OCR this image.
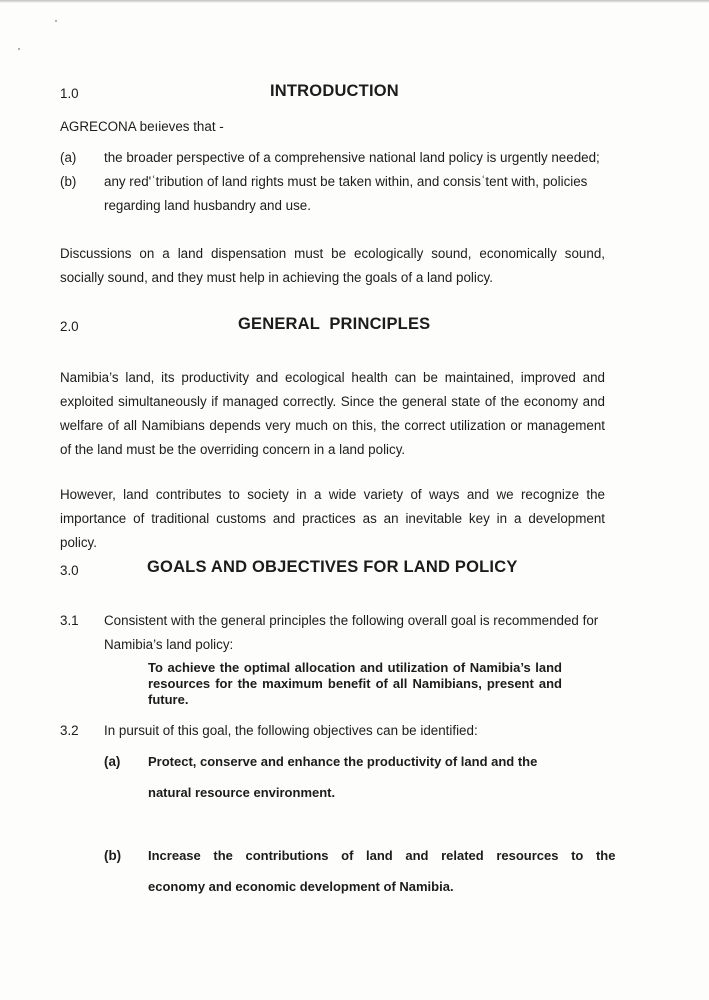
1.0	INTRODUCTION
AGRECONA beıieves that -
(a) the broader perspective of a comprehensive national land policy is urgently needed;
(b) any red'ʿtribution of land rights must be taken within, and consisʿtent with, policies
regarding land husbandry and use.
Discussions on a land dispensation must be ecologically sound, economically sound, socially sound, and they must help in achieving the goals of a land policy.
2.0	GENERAL  PRINCIPLES
Namibia’s land, its productivity and ecological health can be maintained, improved and exploited simultaneously if managed correctly. Since the general state of the economy and welfare of all Namibians depends very much on this, the correct utilization or management of the land must be the overriding concern in a land policy.
However, land contributes to society in a wide variety of ways and we recognize the importance of traditional customs and practices as an inevitable key in a development policy.
3.0	GOALS AND OBJECTIVES FOR LAND POLICY
3.1 Consistent with the general principles the following overall goal is recommended for
Namibia’s land policy:
To achieve the optimal allocation and utilization of Namibia’s land resources for the maximum benefit of all Namibians, present and future.
3.2 In pursuit of this goal, the following objectives can be identified:
(a) Protect, conserve and enhance the productivity of land and the
natural resource environment.
(b) Increase the contributions of land and related resources to the
economy and economic development of Namibia.
